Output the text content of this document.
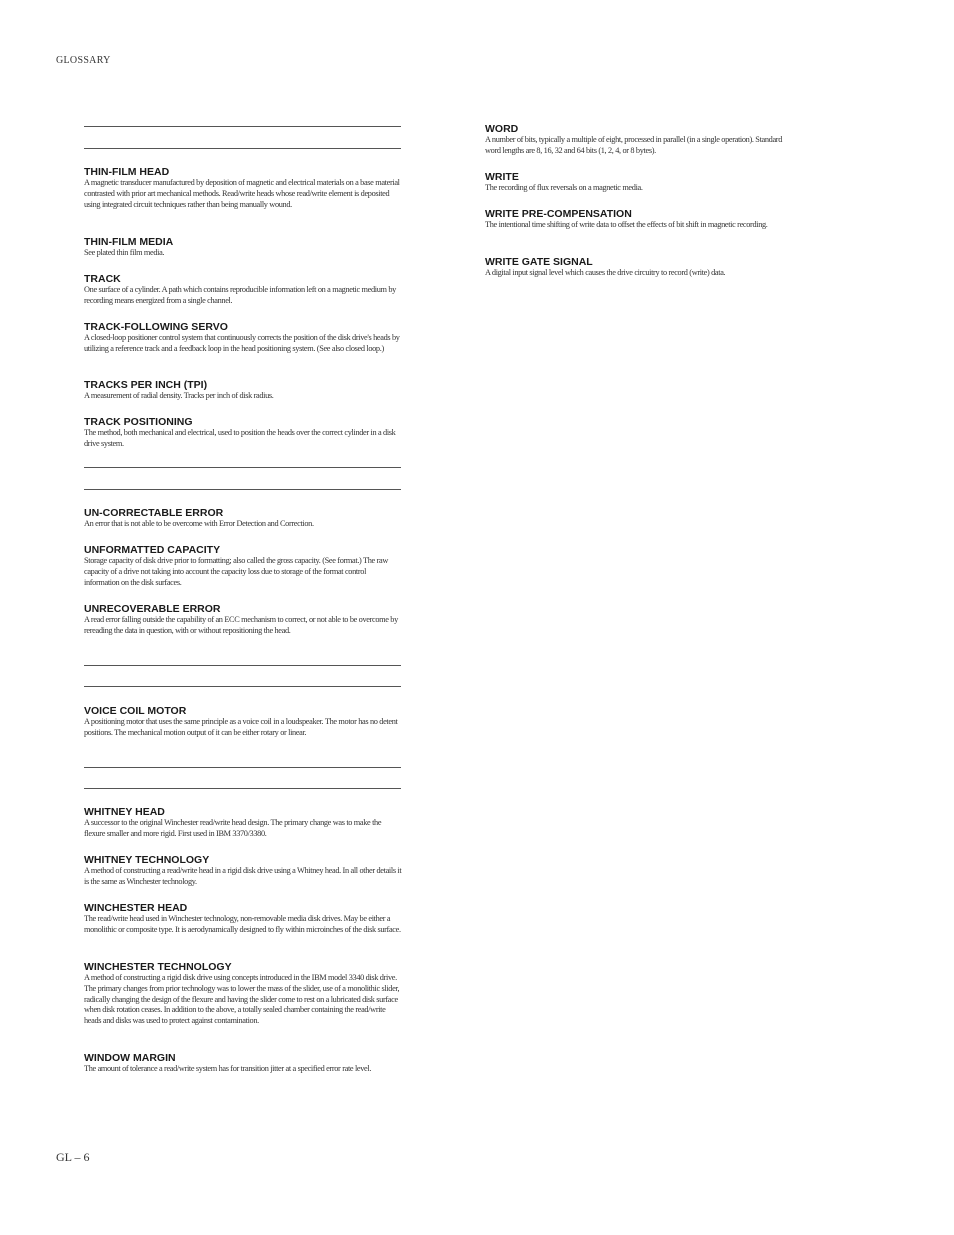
GLOSSARY

THIN-FILM HEAD

A magnetic transducer manufactured by deposition of magnetic and electrical materials on a base material contrasted with prior art mechanical methods. Read/write heads whose read/write element is deposited using integrated circuit techniques rather than being manually wound.

THIN-FILM MEDIA

See plated thin film media.

TRACK

One surface of a cylinder. A path which contains reproducible information left on a magnetic medium by recording means energized from a single channel.

TRACK-FOLLOWING SERVO

A closed-loop positioner control system that continuously corrects the position of the disk drive's heads by utilizing a reference track and a feedback loop in the head positioning system. (See also closed loop.)

TRACKS PER INCH (TPI)

A measurement of radial density. Tracks per inch of disk radius.

TRACK POSITIONING

The method, both mechanical and electrical, used to position the heads over the correct cylinder in a disk drive system.

UN-CORRECTABLE ERROR

An error that is not able to be overcome with Error Detection and Correction.

UNFORMATTED CAPACITY

Storage capacity of disk drive prior to formatting; also called the gross capacity. (See format.) The raw capacity of a drive not taking into account the capacity loss due to storage of the format control information on the disk surfaces.

UNRECOVERABLE ERROR

A read error falling outside the capability of an ECC mechanism to correct, or not able to be overcome by rereading the data in question, with or without repositioning the head.

VOICE COIL MOTOR

A positioning motor that uses the same principle as a voice coil in a loudspeaker. The motor has no detent positions. The mechanical motion output of it can be either rotary or linear.

WHITNEY HEAD

A successor to the original Winchester read/write head design. The primary change was to make the flexure smaller and more rigid. First used in IBM 3370/3380.

WHITNEY TECHNOLOGY

A method of constructing a read/write head in a rigid disk drive using a Whitney head. In all other details it is the same as Winchester technology.

WINCHESTER HEAD

The read/write head used in Winchester technology, non-removable media disk drives. May be either a monolithic or composite type. It is aerodynamically designed to fly within microinches of the disk surface.

WINCHESTER TECHNOLOGY

A method of constructing a rigid disk drive using concepts introduced in the IBM model 3340 disk drive. The primary changes from prior technology was to lower the mass of the slider, use of a monolithic slider, radically changing the design of the flexure and having the slider come to rest on a lubricated disk surface when disk rotation ceases. In addition to the above, a totally sealed chamber containing the read/write heads and disks was used to protect against contamination.

WINDOW MARGIN

The amount of tolerance a read/write system has for transition jitter at a specified error rate level.

WORD

A number of bits, typically a multiple of eight, processed in parallel (in a single operation). Standard word lengths are 8, 16, 32 and 64 bits (1, 2, 4, or 8 bytes).

WRITE

The recording of flux reversals on a magnetic media.

WRITE PRE-COMPENSATION

The intentional time shifting of write data to offset the effects of bit shift in magnetic recording.

WRITE GATE SIGNAL

A digital input signal level which causes the drive circuitry to record (write) data.

GL – 6
